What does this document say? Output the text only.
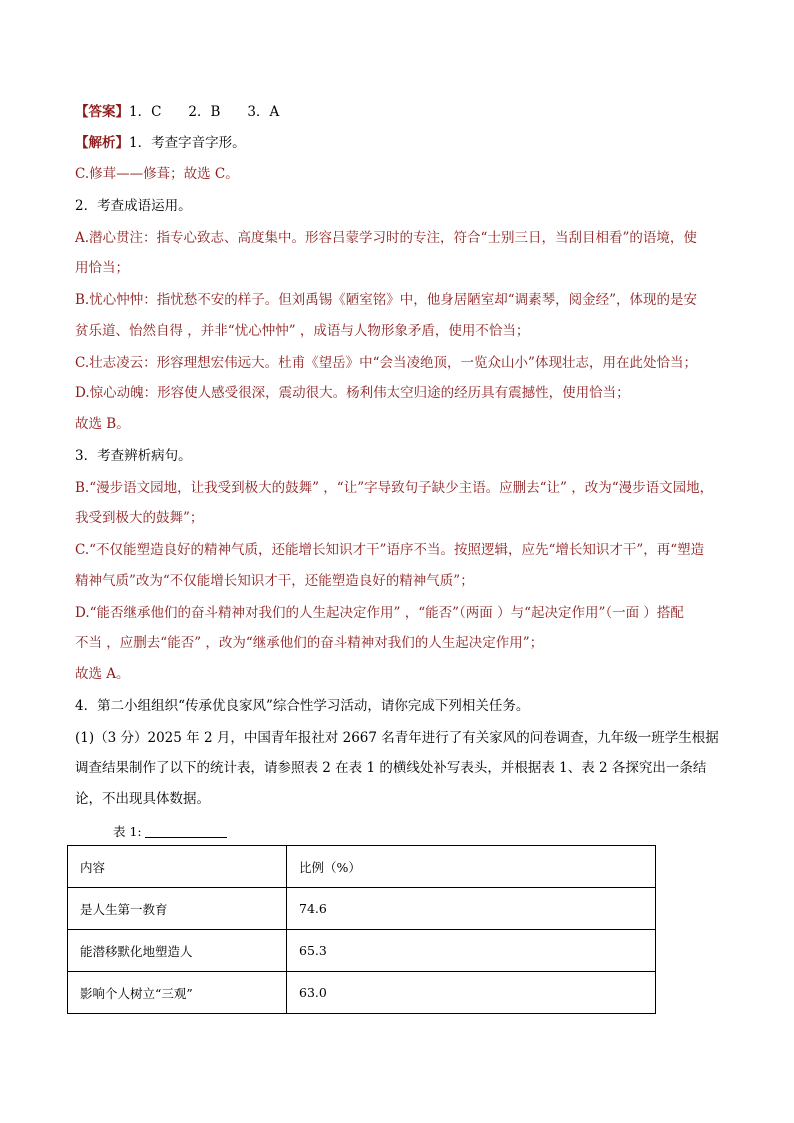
【答案】1．C　　2．B　　3．A
【解析】1．考查字音字形。
C.修茸——修葺；故选 C。
2．考查成语运用。
A.潜心贯注：指专心致志、高度集中。形容吕蒙学习时的专注，符合“士别三日，当刮目相看”的语境，使
用恰当；
B.忧心忡忡：指忧愁不安的样子。但刘禹锡《陋室铭》中，他身居陋室却“调素琴，阅金经”，体现的是安
贫乐道、怡然自得 ，并非“忧心忡忡” ，成语与人物形象矛盾，使用不恰当；
C.壮志凌云：形容理想宏伟远大。杜甫《望岳》中“会当凌绝顶，一览众山小”体现壮志，用在此处恰当；
D.惊心动魄：形容使人感受很深，震动很大。杨利伟太空归途的经历具有震撼性，使用恰当；
故选 B。
3．考查辨析病句。
B.“漫步语文园地，让我受到极大的鼓舞” ，“让”字导致句子缺少主语。应删去“让” ，改为“漫步语文园地，
我受到极大的鼓舞”；
C.“不仅能塑造良好的精神气质，还能增长知识才干”语序不当。按照逻辑，应先“增长知识才干”，再“塑造
精神气质”改为“不仅能增长知识才干，还能塑造良好的精神气质”；
D.“能否继承他们的奋斗精神对我们的人生起决定作用” ，“能否”（两面 ）与“起决定作用”（一面 ）搭配
不当 ，应删去“能否” ，改为“继承他们的奋斗精神对我们的人生起决定作用”；
故选 A。
4．第二小组组织“传承优良家风”综合性学习活动，请你完成下列相关任务。
(1)（3 分）2025 年 2 月，中国青年报社对 2667 名青年进行了有关家风的问卷调查，九年级一班学生根据
调查结果制作了以下的统计表，请参照表 2 在表 1 的横线处补写表头，并根据表 1、表 2 各探究出一条结
论，不出现具体数据。
表 1:
内容	比例（%）
是人生第一教育	74.6
能潜移默化地塑造人	65.3
影响个人树立“三观”	63.0
